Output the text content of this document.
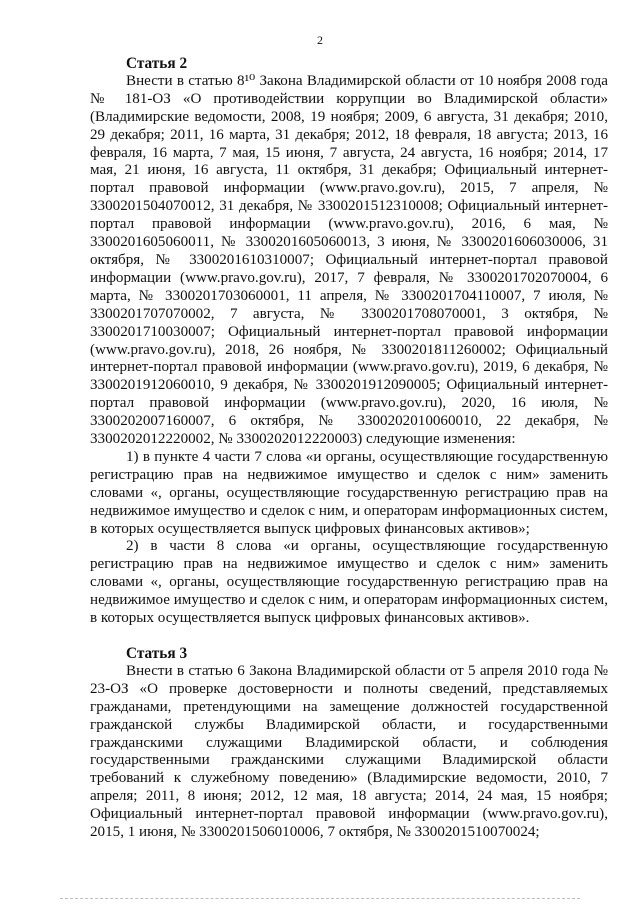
2

Статья 2

Внести в статью 8¹⁰ Закона Владимирской области от 10 ноября 2008 года № 181-ОЗ «О противодействии коррупции во Владимирской области» (Владимирские ведомости, 2008, 19 ноября; 2009, 6 августа, 31 декабря; 2010, 29 декабря; 2011, 16 марта, 31 декабря; 2012, 18 февраля, 18 августа; 2013, 16 февраля, 16 марта, 7 мая, 15 июня, 7 августа, 24 августа, 16 ноября; 2014, 17 мая, 21 июня, 16 августа, 11 октября, 31 декабря; Официальный интернет-портал правовой информации (www.pravo.gov.ru), 2015, 7 апреля, № 3300201504070012, 31 декабря, № 3300201512310008; Официальный интернет-портал правовой информации (www.pravo.gov.ru), 2016, 6 мая, № 3300201605060011, № 3300201605060013, 3 июня, № 3300201606030006, 31 октября, № 3300201610310007; Официальный интернет-портал правовой информации (www.pravo.gov.ru), 2017, 7 февраля, № 3300201702070004, 6 марта, № 3300201703060001, 11 апреля, № 3300201704110007, 7 июля, № 3300201707070002, 7 августа, № 3300201708070001, 3 октября, № 3300201710030007; Официальный интернет-портал правовой информации (www.pravo.gov.ru), 2018, 26 ноября, № 3300201811260002; Официальный интернет-портал правовой информации (www.pravo.gov.ru), 2019, 6 декабря, № 3300201912060010, 9 декабря, № 3300201912090005; Официальный интернет-портал правовой информации (www.pravo.gov.ru), 2020, 16 июля, № 3300202007160007, 6 октября, № 3300202010060010, 22 декабря, № 3300202012220002, № 3300202012220003) следующие изменения:

1) в пункте 4 части 7 слова «и органы, осуществляющие государственную регистрацию прав на недвижимое имущество и сделок с ним» заменить словами «, органы, осуществляющие государственную регистрацию прав на недвижимое имущество и сделок с ним, и операторам информационных систем, в которых осуществляется выпуск цифровых финансовых активов»;

2) в части 8 слова «и органы, осуществляющие государственную регистрацию прав на недвижимое имущество и сделок с ним» заменить словами «, органы, осуществляющие государственную регистрацию прав на недвижимое имущество и сделок с ним, и операторам информационных систем, в которых осуществляется выпуск цифровых финансовых активов».

Статья 3

Внести в статью 6 Закона Владимирской области от 5 апреля 2010 года № 23-ОЗ «О проверке достоверности и полноты сведений, представляемых гражданами, претендующими на замещение должностей государственной гражданской службы Владимирской области, и государственными гражданскими служащими Владимирской области, и соблюдения государственными гражданскими служащими Владимирской области требований к служебному поведению» (Владимирские ведомости, 2010, 7 апреля; 2011, 8 июня; 2012, 12 мая, 18 августа; 2014, 24 мая, 15 ноября; Официальный интернет-портал правовой информации (www.pravo.gov.ru), 2015, 1 июня, № 3300201506010006, 7 октября, № 3300201510070024;
